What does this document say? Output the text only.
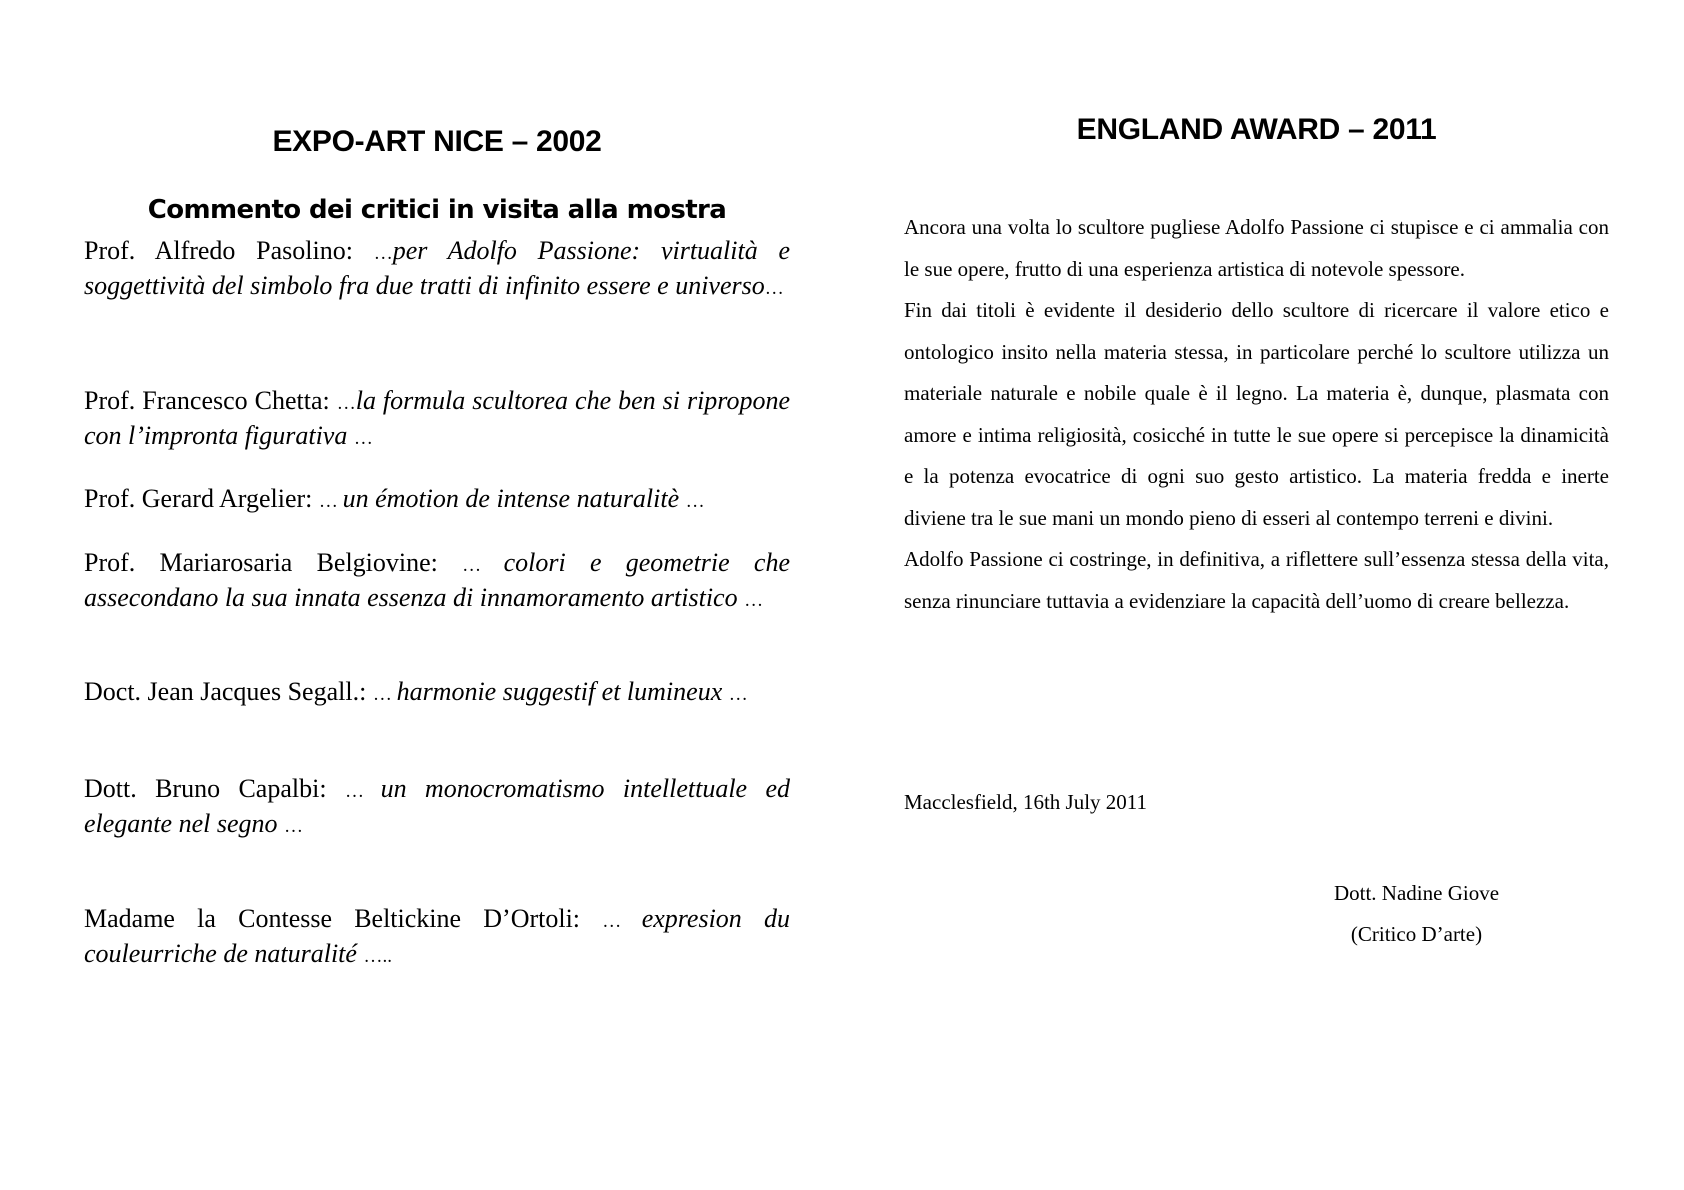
EXPO-ART NICE – 2002
Commento dei critici in visita alla mostra

Prof. Alfredo Pasolino: …per Adolfo Passione: virtualità e soggettività del simbolo fra due tratti di infinito essere e universo…

Prof. Francesco Chetta: …la formula scultorea che ben si ripropone con l’impronta figurativa …

Prof. Gerard Argelier: … un émotion de intense naturalitè …

Prof. Mariarosaria Belgiovine: … colori e geometrie che assecondano la sua innata essenza di innamoramento artistico …

Doct. Jean Jacques Segall.: … harmonie suggestif et lumineux …

Dott. Bruno Capalbi: … un monocromatismo intellettuale ed elegante nel segno …

Madame la Contesse Beltickine D’Ortoli: … expresion du couleurriche de naturalité …..

ENGLAND AWARD – 2011

Ancora una volta lo scultore pugliese Adolfo Passione ci stupisce e ci ammalia con le sue opere, frutto di una esperienza artistica di notevole spessore.

Fin dai titoli è evidente il desiderio dello scultore di ricercare il valore etico e ontologico insito nella materia stessa, in particolare perché lo scultore utilizza un materiale naturale e nobile quale è il legno. La materia è, dunque, plasmata con amore e intima religiosità, cosicché in tutte le sue opere si percepisce la dinamicità e la potenza evocatrice di ogni suo gesto artistico. La materia fredda e inerte diviene tra le sue mani un mondo pieno di esseri al contempo terreni e divini.

Adolfo Passione ci costringe, in definitiva, a riflettere sull’essenza stessa della vita, senza rinunciare tuttavia a evidenziare la capacità dell’uomo di creare bellezza.

Macclesfield, 16th July 2011

Dott. Nadine Giove
(Critico D’arte)
